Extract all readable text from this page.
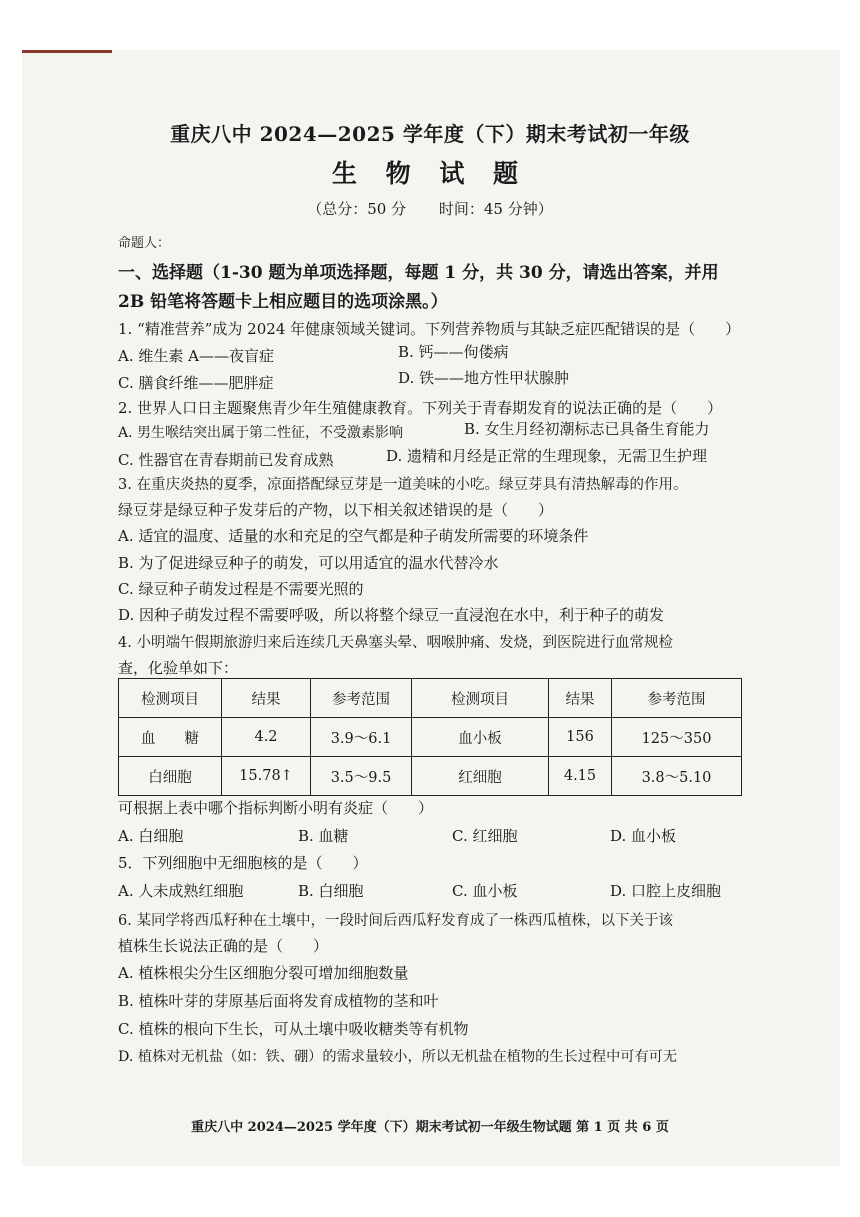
重庆八中 2024—2025 学年度（下）期末考试初一年级
生 物 试 题
（总分：50 分 时间：45 分钟）
命题人：
一、选择题（1-30 题为单项选择题，每题 1 分，共 30 分，请选出答案，并用
2B 铅笔将答题卡上相应题目的选项涂黑。）
1. “精准营养”成为 2024 年健康领域关键词。下列营养物质与其缺乏症匹配错误的是（　　）
A. 维生素 A——夜盲症	B. 钙——佝偻病
C. 膳食纤维——肥胖症	D. 铁——地方性甲状腺肿
2. 世界人口日主题聚焦青少年生殖健康教育。下列关于青春期发育的说法正确的是（　　）
A. 男生喉结突出属于第二性征，不受激素影响	B. 女生月经初潮标志已具备生育能力
C. 性器官在青春期前已发育成熟	D. 遗精和月经是正常的生理现象，无需卫生护理
3. 在重庆炎热的夏季，凉面搭配绿豆芽是一道美味的小吃。绿豆芽具有清热解毒的作用。
绿豆芽是绿豆种子发芽后的产物，以下相关叙述错误的是（　　）
A. 适宜的温度、适量的水和充足的空气都是种子萌发所需要的环境条件
B. 为了促进绿豆种子的萌发，可以用适宜的温水代替冷水
C. 绿豆种子萌发过程是不需要光照的
D. 因种子萌发过程不需要呼吸，所以将整个绿豆一直浸泡在水中，利于种子的萌发
4. 小明端午假期旅游归来后连续几天鼻塞头晕、咽喉肿痛、发烧，到医院进行血常规检
查，化验单如下：
检测项目	结果	参考范围	检测项目	结果	参考范围
血　　糖	4.2	3.9～6.1	血小板	156	125～350
白细胞	15.78↑	3.5～9.5	红细胞	4.15	3.8～5.10
可根据上表中哪个指标判断小明有炎症（　　）
A. 白细胞	B. 血糖	C. 红细胞	D. 血小板
5．下列细胞中无细胞核的是（　　）
A. 人未成熟红细胞	B. 白细胞	C. 血小板	D. 口腔上皮细胞
6. 某同学将西瓜籽种在土壤中，一段时间后西瓜籽发育成了一株西瓜植株，以下关于该
植株生长说法正确的是（　　）
A. 植株根尖分生区细胞分裂可增加细胞数量
B. 植株叶芽的芽原基后面将发育成植物的茎和叶
C. 植株的根向下生长，可从土壤中吸收糖类等有机物
D. 植株对无机盐（如：铁、硼）的需求量较小，所以无机盐在植物的生长过程中可有可无
重庆八中 2024—2025 学年度（下）期末考试初一年级生物试题 第 1 页 共 6 页
